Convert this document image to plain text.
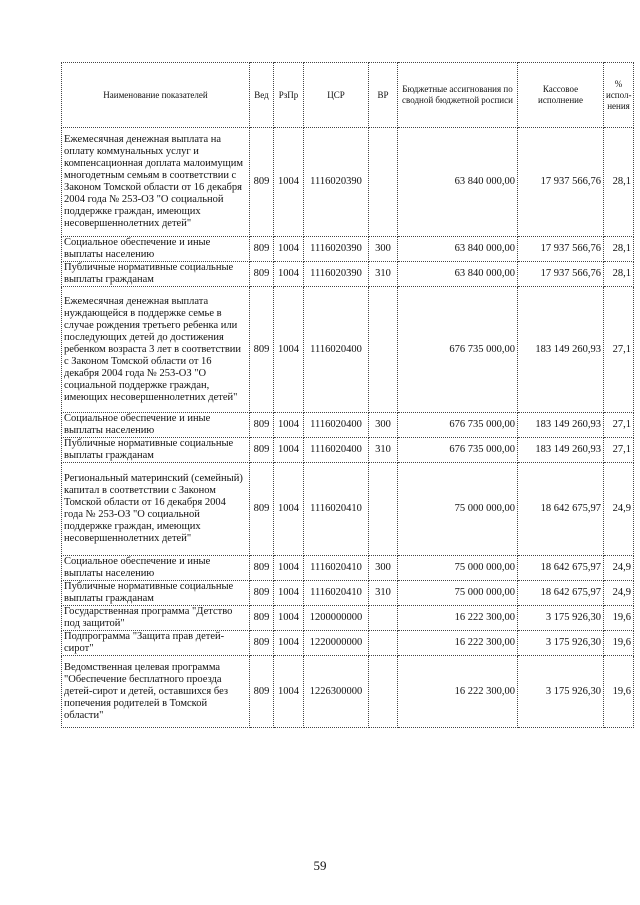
Наименование показателей	Вед	РзПр	ЦСР	ВР	Бюджетные ассигнования по сводной бюджетной росписи	Кассовое исполнение	% испол-нения
Ежемесячная денежная выплата на оплату коммунальных услуг и компенсационная доплата малоимущим многодетным семьям в соответствии с Законом Томской области от 16 декабря 2004 года № 253-ОЗ "О социальной поддержке граждан, имеющих несовершеннолетних детей"	809	1004	1116020390		63 840 000,00	17 937 566,76	28,1
Социальное обеспечение и иные выплаты населению	809	1004	1116020390	300	63 840 000,00	17 937 566,76	28,1
Публичные нормативные социальные выплаты гражданам	809	1004	1116020390	310	63 840 000,00	17 937 566,76	28,1
Ежемесячная денежная выплата нуждающейся в поддержке семье в случае рождения третьего ребенка или последующих детей до достижения ребенком возраста 3 лет в соответствии с Законом Томской области от 16 декабря 2004 года № 253-ОЗ "О социальной поддержке граждан, имеющих несовершеннолетних детей"	809	1004	1116020400		676 735 000,00	183 149 260,93	27,1
Социальное обеспечение и иные выплаты населению	809	1004	1116020400	300	676 735 000,00	183 149 260,93	27,1
Публичные нормативные социальные выплаты гражданам	809	1004	1116020400	310	676 735 000,00	183 149 260,93	27,1
Региональный материнский (семейный) капитал в соответствии с Законом Томской области от 16 декабря 2004 года № 253-ОЗ "О социальной поддержке граждан, имеющих несовершеннолетних детей"	809	1004	1116020410		75 000 000,00	18 642 675,97	24,9
Социальное обеспечение и иные выплаты населению	809	1004	1116020410	300	75 000 000,00	18 642 675,97	24,9
Публичные нормативные социальные выплаты гражданам	809	1004	1116020410	310	75 000 000,00	18 642 675,97	24,9
Государственная программа "Детство под защитой"	809	1004	1200000000		16 222 300,00	3 175 926,30	19,6
Подпрограмма "Защита прав детей-сирот"	809	1004	1220000000		16 222 300,00	3 175 926,30	19,6
Ведомственная целевая программа "Обеспечение бесплатного проезда детей-сирот и детей, оставшихся без попечения родителей в Томской области"	809	1004	1226300000		16 222 300,00	3 175 926,30	19,6
59
